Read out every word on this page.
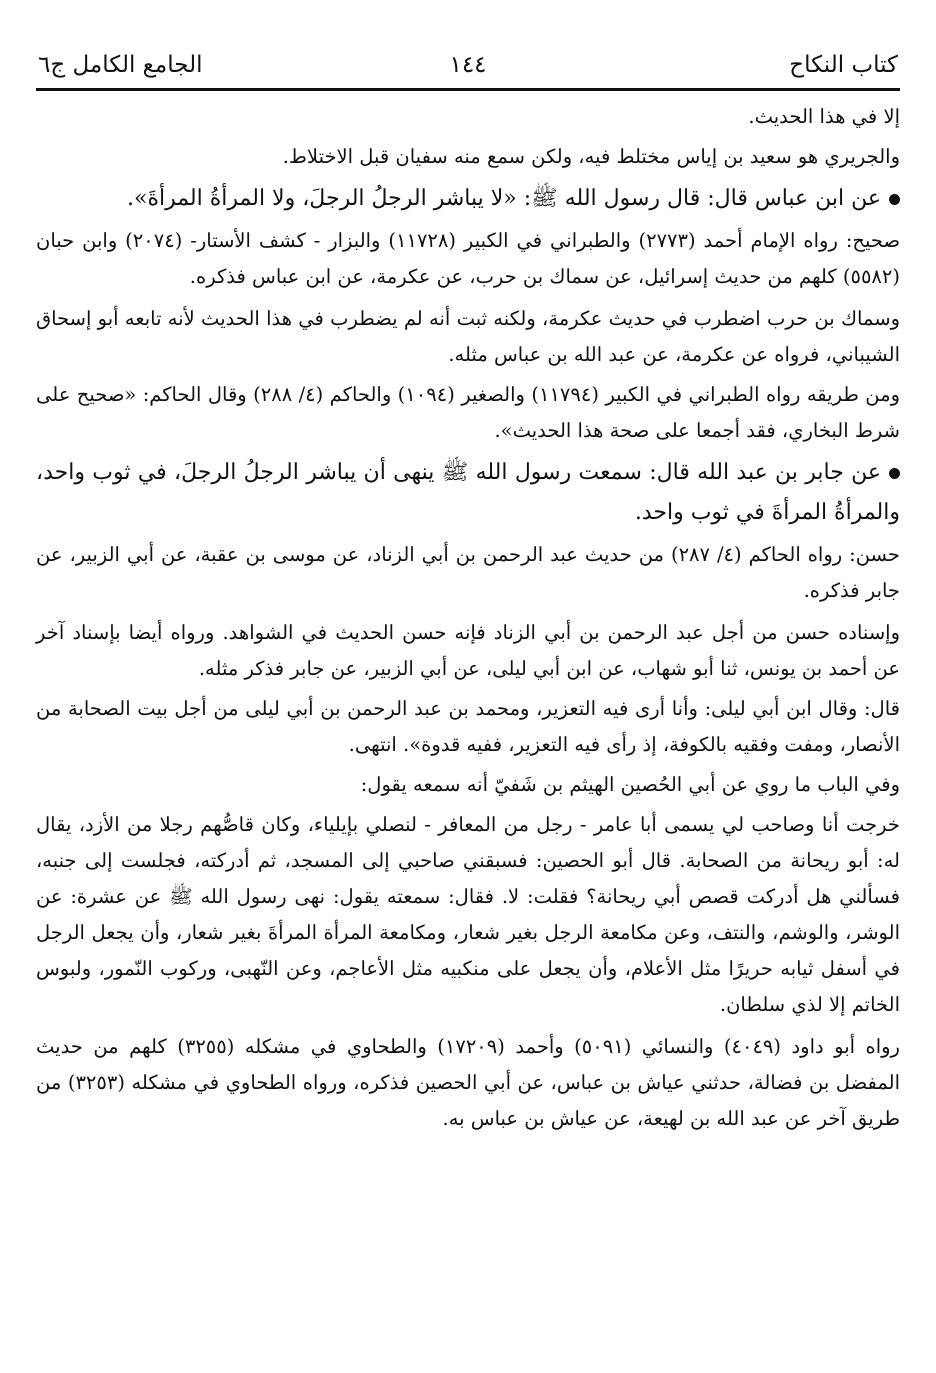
كتاب النكاح
١٤٤
الجامع الكامل ج٦

إلا في هذا الحديث.

والجريري هو سعيد بن إياس مختلط فيه، ولكن سمع منه سفيان قبل الاختلاط.

عن ابن عباس قال: قال رسول الله ﷺ: «لا يباشر الرجلُ الرجلَ، ولا المرأةُ المرأةَ».

صحيح: رواه الإمام أحمد (٢٧٧٣) والطبراني في الكبير (١١٧٢٨) والبزار - كشف الأستار- (٢٠٧٤) وابن حبان (٥٥٨٢) كلهم من حديث إسرائيل، عن سماك بن حرب، عن عكرمة، عن ابن عباس فذكره.

وسماك بن حرب اضطرب في حديث عكرمة، ولكنه ثبت أنه لم يضطرب في هذا الحديث لأنه تابعه أبو إسحاق الشيباني، فرواه عن عكرمة، عن عبد الله بن عباس مثله.

ومن طريقه رواه الطبراني في الكبير (١١٧٩٤) والصغير (١٠٩٤) والحاكم (٤/ ٢٨٨) وقال الحاكم: «صحيح على شرط البخاري، فقد أجمعا على صحة هذا الحديث».

عن جابر بن عبد الله قال: سمعت رسول الله ﷺ ينهى أن يباشر الرجلُ الرجلَ، في ثوب واحد، والمرأةُ المرأةَ في ثوب واحد.

حسن: رواه الحاكم (٤/ ٢٨٧) من حديث عبد الرحمن بن أبي الزناد، عن موسى بن عقبة، عن أبي الزبير، عن جابر فذكره.

وإسناده حسن من أجل عبد الرحمن بن أبي الزناد فإنه حسن الحديث في الشواهد. ورواه أيضا بإسناد آخر عن أحمد بن يونس، ثنا أبو شهاب، عن ابن أبي ليلى، عن أبي الزبير، عن جابر فذكر مثله.

قال: وقال ابن أبي ليلى: وأنا أرى فيه التعزير، ومحمد بن عبد الرحمن بن أبي ليلى من أجل بيت الصحابة من الأنصار، ومفت وفقيه بالكوفة، إذ رأى فيه التعزير، ففيه قدوة». انتهى.

وفي الباب ما روي عن أبي الحُصين الهيثم بن شَفيّ أنه سمعه يقول:

خرجت أنا وصاحب لي يسمى أبا عامر - رجل من المعافر - لنصلي بإيلياء، وكان قاصُّهم رجلا من الأزد، يقال له: أبو ريحانة من الصحابة. قال أبو الحصين: فسبقني صاحبي إلى المسجد، ثم أدركته، فجلست إلى جنبه، فسألني هل أدركت قصص أبي ريحانة؟ فقلت: لا. فقال: سمعته يقول: نهى رسول الله ﷺ عن عشرة: عن الوشر، والوشم، والنتف، وعن مكامعة الرجل بغير شعار، ومكامعة المرأة المرأةَ بغير شعار، وأن يجعل الرجل في أسفل ثيابه حريرًا مثل الأعلام، وأن يجعل على منكبيه مثل الأعاجم، وعن النّهبى، وركوب النّمور، ولبوس الخاتم إلا لذي سلطان.

رواه أبو داود (٤٠٤٩) والنسائي (٥٠٩١) وأحمد (١٧٢٠٩) والطحاوي في مشكله (٣٢٥٥) كلهم من حديث المفضل بن فضالة، حدثني عياش بن عباس، عن أبي الحصين فذكره، ورواه الطحاوي في مشكله (٣٢٥٣) من طريق آخر عن عبد الله بن لهيعة، عن عياش بن عباس به.
